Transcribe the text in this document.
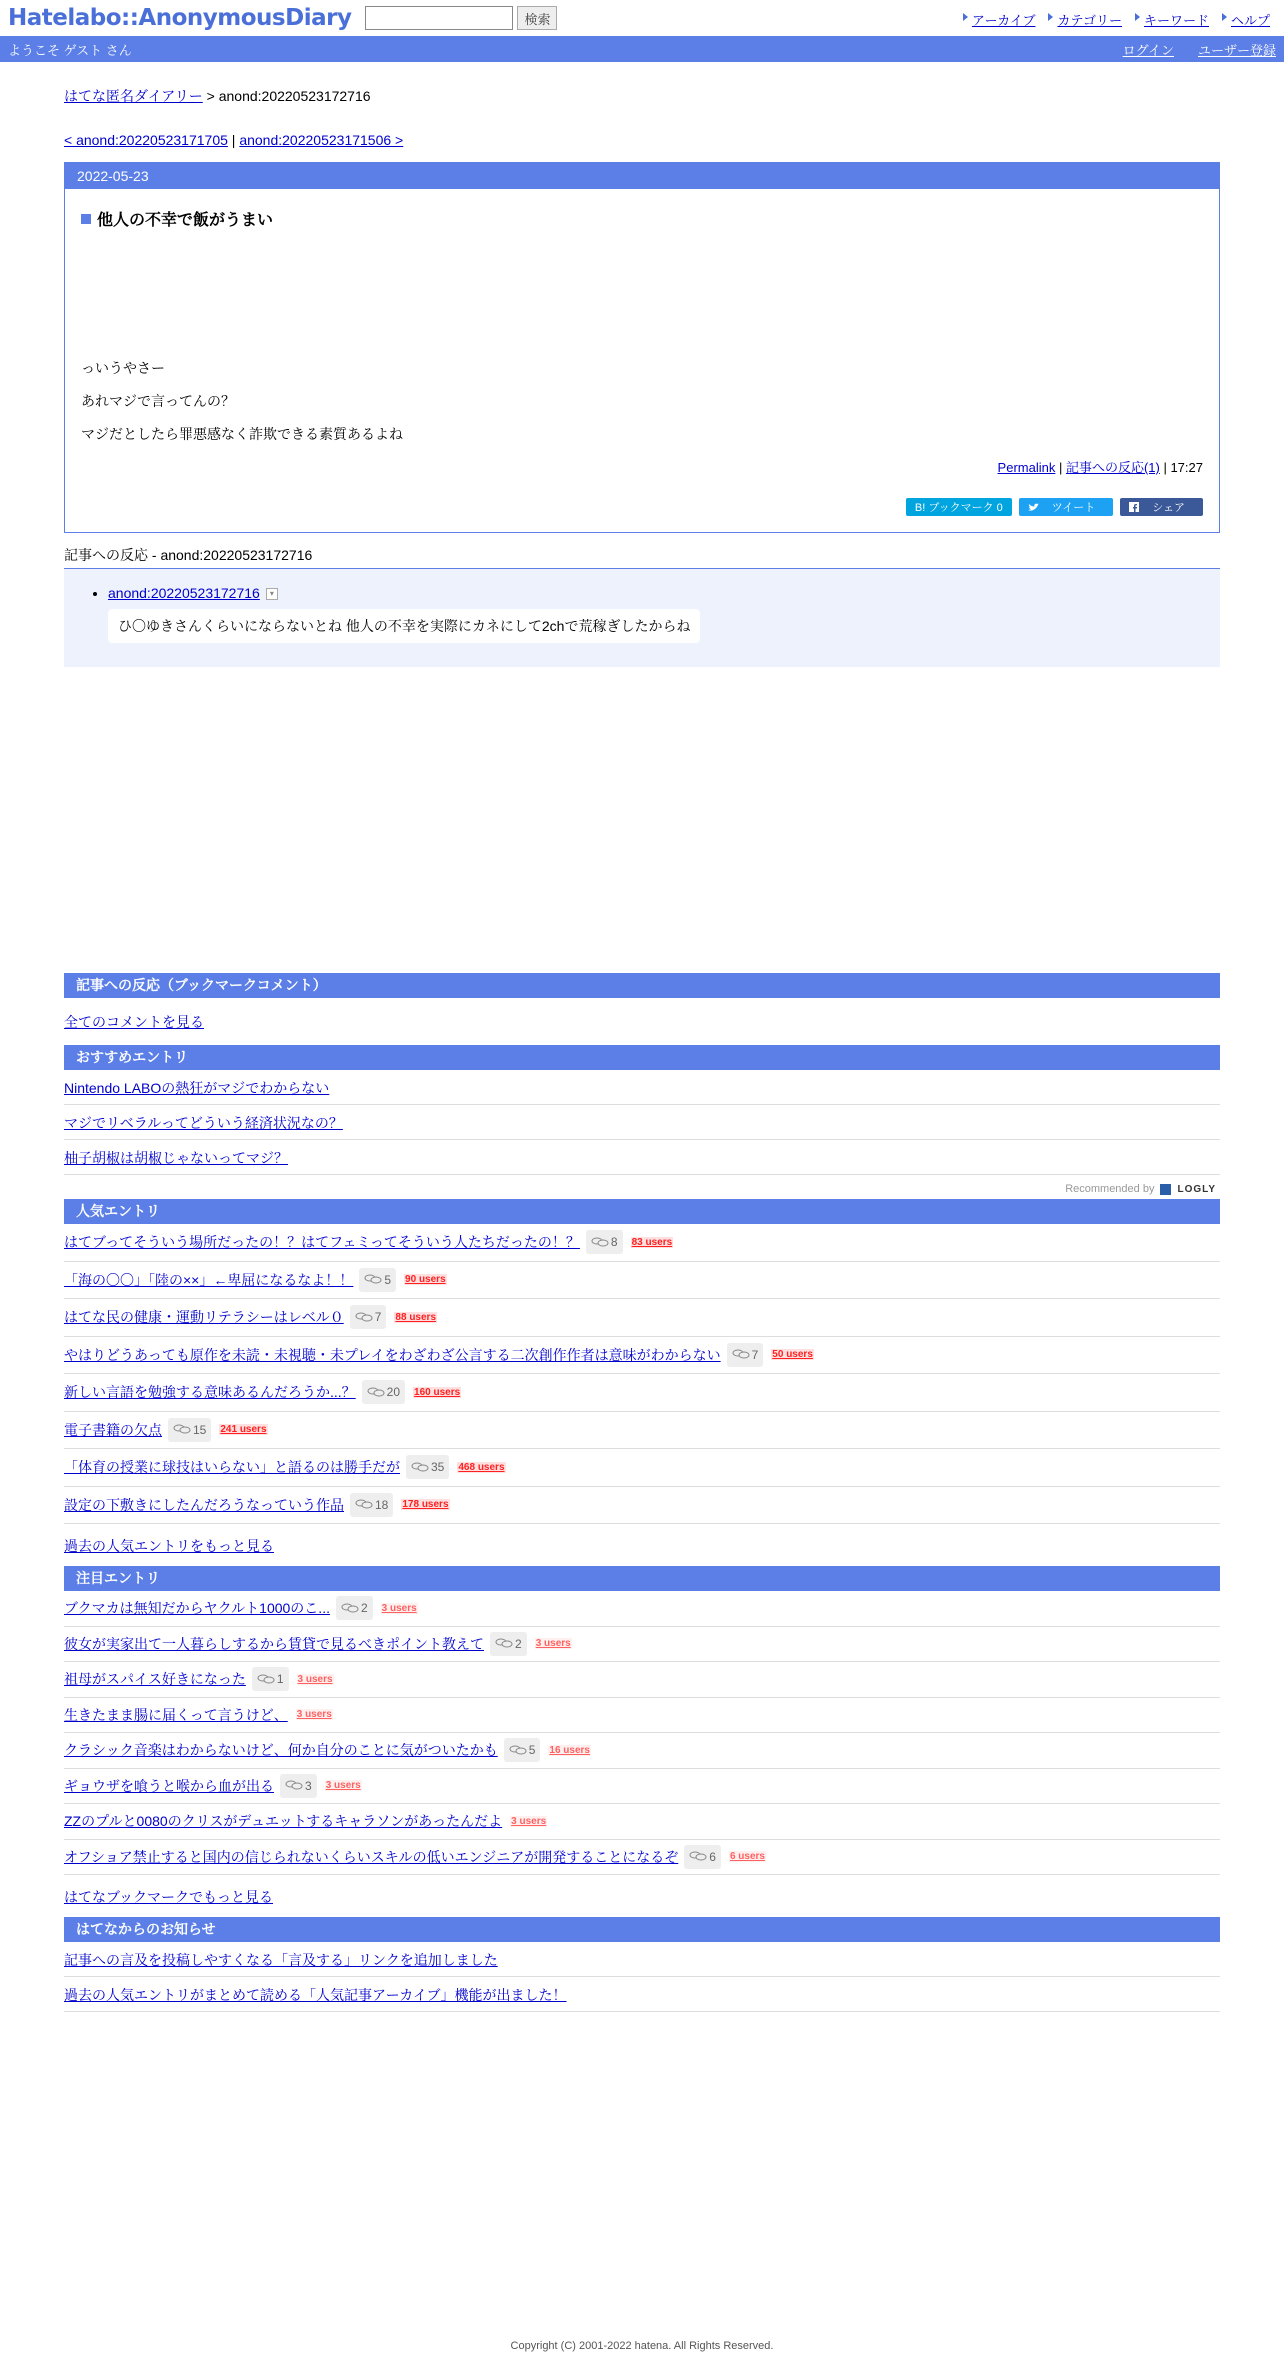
Hatelabo::AnonymousDiary	検索	アーカイブ	カテゴリー	キーワード	ヘルプ
ようこそ ゲスト さん	ログイン ユーザー登録
はてな匿名ダイアリー > anond:20220523172716
< anond:20220523171705 | anond:20220523171506 >
2022-05-23
他人の不幸で飯がうまい

っいうやさー

あれマジで言ってんの？

マジだとしたら罪悪感なく詐欺できる素質あるよね

Permalink | 記事への反応(1) | 17:27
B! ブックマーク 0	ツイート	シェア
記事への反応 - anond:20220523172716
• anond:20220523172716 ▾
ひ〇ゆきさんくらいにならないとね 他人の不幸を実際にカネにして2chで荒稼ぎしたからね
記事への反応（ブックマークコメント）
全てのコメントを見る
おすすめエントリ
Nintendo LABOの熱狂がマジでわからない
マジでリベラルってどういう経済状況なの？
柚子胡椒は胡椒じゃないってマジ？
Recommended by LOGLY
人気エントリ
はてブってそういう場所だったの！？はてフェミってそういう人たちだったの！？	8 83 users
「海の〇〇」「陸の××」←卑屈になるなよ！！	5 90 users
はてな民の健康・運動リテラシーはレベル０	7 88 users
やはりどうあっても原作を未読・未視聴・未プレイをわざわざ公言する二次創作作者は意味がわからない	7 50 users
新しい言語を勉強する意味あるんだろうか...？	20 160 users
電子書籍の欠点	15 241 users
「体育の授業に球技はいらない」と語るのは勝手だが	35 468 users
設定の下敷きにしたんだろうなっていう作品	18 178 users
過去の人気エントリをもっと見る
注目エントリ
ブクマカは無知だからヤクルト1000のこ...	2 3 users
彼女が実家出て一人暮らしするから賃貸で見るべきポイント教えて	2 3 users
祖母がスパイス好きになった	1 3 users
生きたまま腸に届くって言うけど、 3 users
クラシック音楽はわからないけど、何か自分のことに気がついたかも	5 16 users
ギョウザを喰うと喉から血が出る	3 3 users
ZZのプルと0080のクリスがデュエットするキャラソンがあったんだよ 3 users
オフショア禁止すると国内の信じられないくらいスキルの低いエンジニアが開発することになるぞ	6 6 users
はてなブックマークでもっと見る
はてなからのお知らせ
記事への言及を投稿しやすくなる「言及する」リンクを追加しました
過去の人気エントリがまとめて読める「人気記事アーカイブ」機能が出ました！
Copyright (C) 2001-2022 hatena. All Rights Reserved.
